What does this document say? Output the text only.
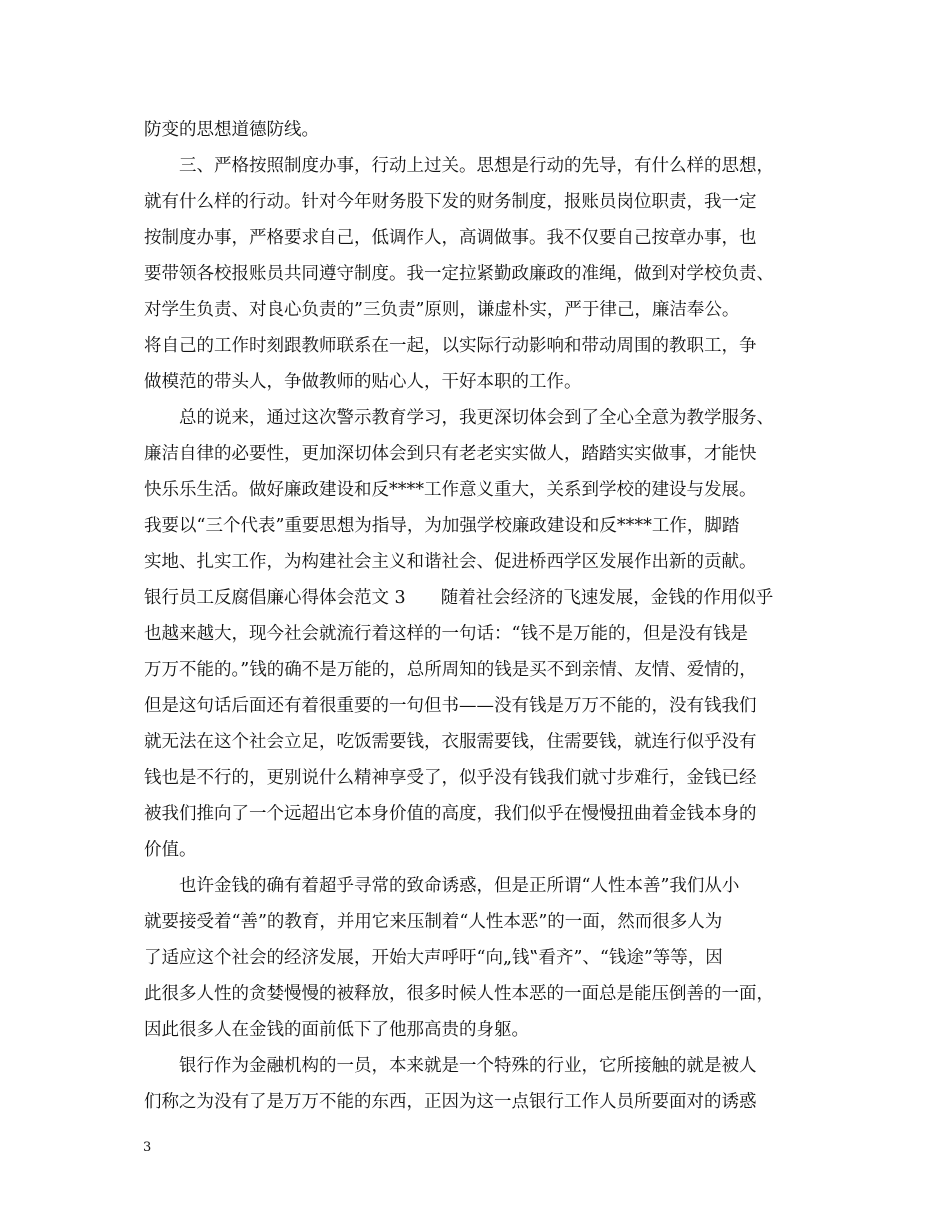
防变的思想道德防线。
　　三、严格按照制度办事，行动上过关。思想是行动的先导，有什么样的思想，
就有什么样的行动。针对今年财务股下发的财务制度，报账员岗位职责，我一定
按制度办事，严格要求自己，低调作人，高调做事。我不仅要自己按章办事，也
要带领各校报账员共同遵守制度。我一定拉紧勤政廉政的准绳，做到对学校负责、
对学生负责、对良心负责的”三负责”原则，谦虚朴实，严于律己，廉洁奉公。
将自己的工作时刻跟教师联系在一起，以实际行动影响和带动周围的教职工，争
做模范的带头人，争做教师的贴心人，干好本职的工作。
　　总的说来，通过这次警示教育学习，我更深切体会到了全心全意为教学服务、
廉洁自律的必要性，更加深切体会到只有老老实实做人，踏踏实实做事，才能快
快乐乐生活。做好廉政建设和反****工作意义重大，关系到学校的建设与发展。
我要以“三个代表”重要思想为指导，为加强学校廉政建设和反****工作，脚踏
实地、扎实工作，为构建社会主义和谐社会、促进桥西学区发展作出新的贡献。
银行员工反腐倡廉心得体会范文 3　　随着社会经济的飞速发展，金钱的作用似乎
也越来越大，现今社会就流行着这样的一句话：“钱不是万能的，但是没有钱是
万万不能的。”钱的确不是万能的，总所周知的钱是买不到亲情、友情、爱情的，
但是这句话后面还有着很重要的一句但书——没有钱是万万不能的，没有钱我们
就无法在这个社会立足，吃饭需要钱，衣服需要钱，住需要钱，就连行似乎没有
钱也是不行的，更别说什么精神享受了，似乎没有钱我们就寸步难行，金钱已经
被我们推向了一个远超出它本身价值的高度，我们似乎在慢慢扭曲着金钱本身的
价值。
　　也许金钱的确有着超乎寻常的致命诱惑，但是正所谓“人性本善”我们从小
就要接受着“善”的教育，并用它来压制着“人性本恶”的一面，然而很多人为
了适应这个社会的经济发展，开始大声呼吁“向„钱‟看齐”、“钱途”等等，因
此很多人性的贪婪慢慢的被释放，很多时候人性本恶的一面总是能压倒善的一面，
因此很多人在金钱的面前低下了他那高贵的身躯。
　　银行作为金融机构的一员，本来就是一个特殊的行业，它所接触的就是被人
们称之为没有了是万万不能的东西，正因为这一点银行工作人员所要面对的诱惑
3
